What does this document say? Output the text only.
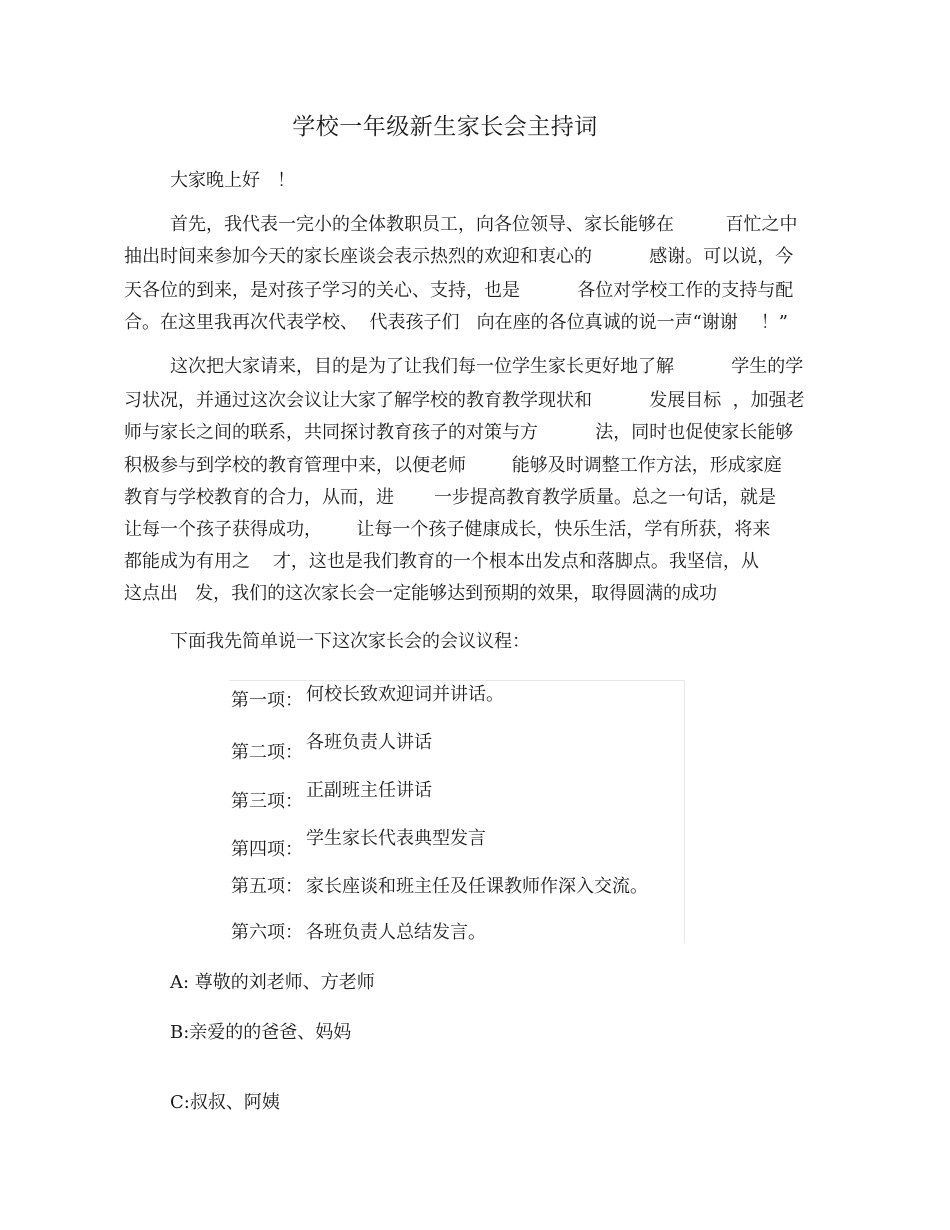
学校一年级新生家长会主持词
大家晚上好   ！
首先，我代表一完小的全体教职员工，向各位领导、家长能够在         百忙之中
抽出时间来参加今天的家长座谈会表示热烈的欢迎和衷心的          感谢。可以说，今
天各位的到来，是对孩子学习的关心、支持，也是          各位对学校工作的支持与配
合。在这里我再次代表学校、  代表孩子们   向在座的各位真诚的说一声“谢谢    ！”
这次把大家请来，目的是为了让我们每一位学生家长更好地了解          学生的学
习状况，并通过这次会议让大家了解学校的教育教学现状和          发展目标  ，加强老
师与家长之间的联系，共同探讨教育孩子的对策与方          法，同时也促使家长能够
积极参与到学校的教育管理中来，以便老师        能够及时调整工作方法，形成家庭
教育与学校教育的合力，从而，进       一步提高教育教学质量。总之一句话，就是
让每一个孩子获得成功，      让每一个孩子健康成长，快乐生活，学有所获，将来
都能成为有用之    才，这也是我们教育的一个根本出发点和落脚点。我坚信，从
这点出   发，我们的这次家长会一定能够达到预期的效果，取得圆满的成功
下面我先简单说一下这次家长会的会议议程：
第一项： 何校长致欢迎词并讲话。
第二项： 各班负责人讲话
第三项：
正副班主任讲话
第四项：
学生家长代表典型发言
第五项： 家长座谈和班主任及任课教师作深入交流。
第六项： 各班负责人总结发言。
A: 尊敬的刘老师、方老师
B:亲爱的的爸爸、妈妈
C:叔叔、阿姨
